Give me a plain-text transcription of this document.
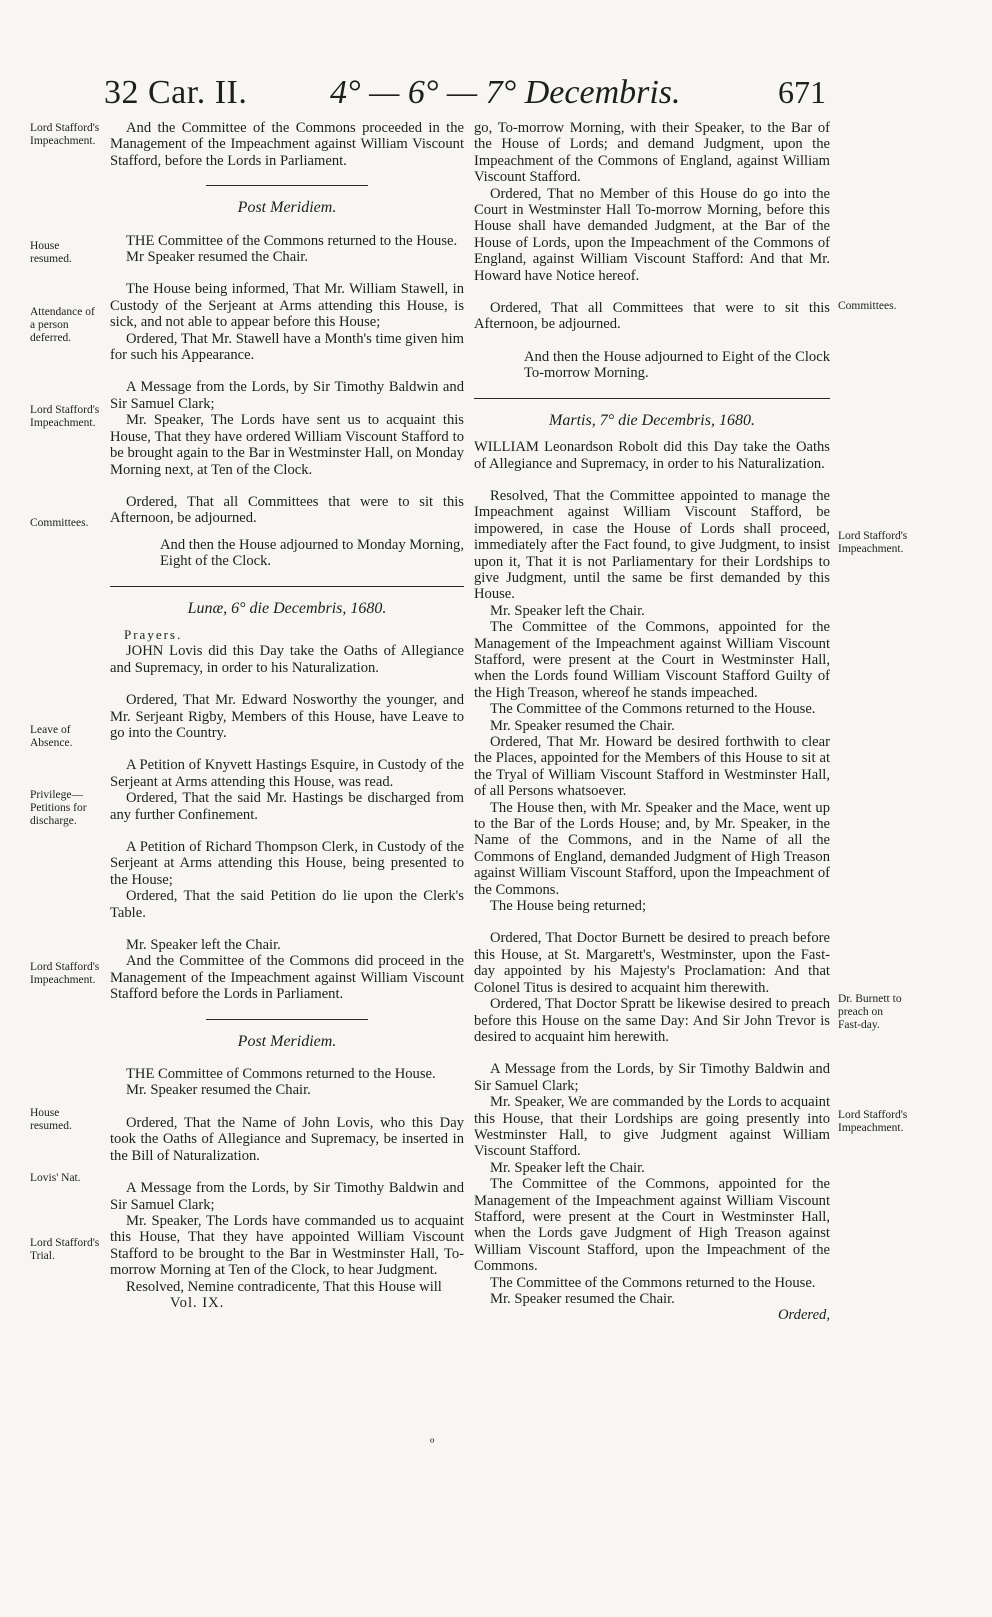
32 Car. II. 4° — 6° — 7° Decembris.	671
Lord Stafford's Impeachment.
House resumed.
Attendance of a person deferred.
Lord Stafford's Impeachment.
Committees.
Leave of Absence.
Privilege—Petitions for discharge.
Lord Stafford's Impeachment.
House resumed.
Lovis' Nat.
Lord Stafford's Trial.
Committees.
Lord Stafford's Impeachment.
Dr. Burnett to preach on Fast-day.
Lord Stafford's Impeachment.

And the Committee of the Commons proceeded in the Management of the Impeachment against William Viscount Stafford, before the Lords in Parliament.

Post Meridiem.

THE Committee of the Commons returned to the House.

Mr Speaker resumed the Chair.

The House being informed, That Mr. William Stawell, in Custody of the Serjeant at Arms attending this House, is sick, and not able to appear before this House;

Ordered, That Mr. Stawell have a Month's time given him for such his Appearance.

A Message from the Lords, by Sir Timothy Baldwin and Sir Samuel Clark;

Mr. Speaker, The Lords have sent us to acquaint this House, That they have ordered William Viscount Stafford to be brought again to the Bar in Westminster Hall, on Monday Morning next, at Ten of the Clock.

Ordered, That all Committees that were to sit this Afternoon, be adjourned.

And then the House adjourned to Monday Morning, Eight of the Clock.

Lunæ, 6° die Decembris, 1680.

Prayers.

JOHN Lovis did this Day take the Oaths of Allegiance and Supremacy, in order to his Naturalization.

Ordered, That Mr. Edward Nosworthy the younger, and Mr. Serjeant Rigby, Members of this House, have Leave to go into the Country.

A Petition of Knyvett Hastings Esquire, in Custody of the Serjeant at Arms attending this House, was read.

Ordered, That the said Mr. Hastings be discharged from any further Confinement.

A Petition of Richard Thompson Clerk, in Custody of the Serjeant at Arms attending this House, being presented to the House;

Ordered, That the said Petition do lie upon the Clerk's Table.

Mr. Speaker left the Chair.

And the Committee of the Commons did proceed in the Management of the Impeachment against William Viscount Stafford before the Lords in Parliament.

Post Meridiem.

THE Committee of Commons returned to the House.

Mr. Speaker resumed the Chair.

Ordered, That the Name of John Lovis, who this Day took the Oaths of Allegiance and Supremacy, be inserted in the Bill of Naturalization.

A Message from the Lords, by Sir Timothy Baldwin and Sir Samuel Clark;

Mr. Speaker, The Lords have commanded us to acquaint this House, That they have appointed William Viscount Stafford to be brought to the Bar in Westminster Hall, To-morrow Morning at Ten of the Clock, to hear Judgment.

Resolved, Nemine contradicente, That this House will

Vol. IX.

go, To-morrow Morning, with their Speaker, to the Bar of the House of Lords; and demand Judgment, upon the Impeachment of the Commons of England, against William Viscount Stafford.

Ordered, That no Member of this House do go into the Court in Westminster Hall To-morrow Morning, before this House shall have demanded Judgment, at the Bar of the House of Lords, upon the Impeachment of the Commons of England, against William Viscount Stafford: And that Mr. Howard have Notice hereof.

Ordered, That all Committees that were to sit this Afternoon, be adjourned.

And then the House adjourned to Eight of the Clock To-morrow Morning.

Martis, 7° die Decembris, 1680.

WILLIAM Leonardson Robolt did this Day take the Oaths of Allegiance and Supremacy, in order to his Naturalization.

Resolved, That the Committee appointed to manage the Impeachment against William Viscount Stafford, be impowered, in case the House of Lords shall proceed, immediately after the Fact found, to give Judgment, to insist upon it, That it is not Parliamentary for their Lordships to give Judgment, until the same be first demanded by this House.

Mr. Speaker left the Chair.

The Committee of the Commons, appointed for the Management of the Impeachment against William Viscount Stafford, were present at the Court in Westminster Hall, when the Lords found William Viscount Stafford Guilty of the High Treason, whereof he stands impeached.

The Committee of the Commons returned to the House.

Mr. Speaker resumed the Chair.

Ordered, That Mr. Howard be desired forthwith to clear the Places, appointed for the Members of this House to sit at the Tryal of William Viscount Stafford in Westminster Hall, of all Persons whatsoever.

The House then, with Mr. Speaker and the Mace, went up to the Bar of the Lords House; and, by Mr. Speaker, in the Name of the Commons, and in the Name of all the Commons of England, demanded Judgment of High Treason against William Viscount Stafford, upon the Impeachment of the Commons.

The House being returned;

Ordered, That Doctor Burnett be desired to preach before this House, at St. Margarett's, Westminster, upon the Fast-day appointed by his Majesty's Proclamation: And that Colonel Titus is desired to acquaint him therewith.

Ordered, That Doctor Spratt be likewise desired to preach before this House on the same Day: And Sir John Trevor is desired to acquaint him herewith.

A Message from the Lords, by Sir Timothy Baldwin and Sir Samuel Clark;

Mr. Speaker, We are commanded by the Lords to acquaint this House, that their Lordships are going presently into Westminster Hall, to give Judgment against William Viscount Stafford.

Mr. Speaker left the Chair.

The Committee of the Commons, appointed for the Management of the Impeachment against William Viscount Stafford, were present at the Court in Westminster Hall, when the Lords gave Judgment of High Treason against William Viscount Stafford, upon the Impeachment of the Commons.

The Committee of the Commons returned to the House.

Mr. Speaker resumed the Chair.

Ordered,

º
